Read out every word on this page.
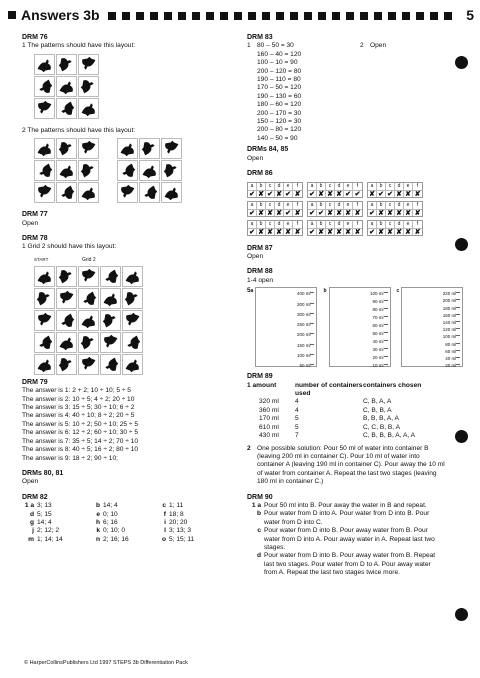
Answers 3b	5
DRM 76
1 The patterns should have this layout:
2 The patterns should have this layout:
DRM 77
Open
DRM 78
1 Grid 2 should have this layout:
START	Grid 2
DRM 79
The answer is 1: 2 + 2; 10 ÷ 10; 5 ÷ 5
The answer is 2: 10 ÷ 5; 4 ÷ 2; 20 ÷ 10
The answer is 3: 15 ÷ 5; 30 ÷ 10; 6 ÷ 2
The answer is 4: 40 ÷ 10; 8 ÷ 2; 20 ÷ 5
The answer is 5: 10 ÷ 2; 50 ÷ 10; 25 ÷ 5
The answer is 6: 12 ÷ 2; 60 ÷ 10; 30 ÷ 5
The answer is 7: 35 ÷ 5; 14 ÷ 2; 70 ÷ 10
The answer is 8: 40 ÷ 5; 16 ÷ 2; 80 ÷ 10
The answer is 9: 18 ÷ 2; 90 ÷ 10;
DRMs 80, 81
Open
DRM 82
1 a 3; 13	b 14; 4	c 1; 11
d 5; 15	e 0; 10	f 18; 8
g 14; 4	h 6; 16	i 20; 20
j 2; 12; 2	k 0; 10; 0	l 3; 13; 3
m 1; 14; 14	n 2; 16; 16	o 5; 15; 11
DRM 83
1 80 – 50 = 30
160 – 40 = 120
100 – 10 = 90
200 – 120 = 80
190 – 110 = 80
170 – 50 = 120
190 – 130 = 60
180 – 60 = 120
200 – 170 = 30
150 – 120 = 30
200 – 80 = 120
140 – 50 = 90
2 Open
DRMs 84, 85
Open
DRM 86
a	b	c	d	e	f
✔ ✘ ✔ ✘ ✔ ✘
a	b	c	d	e	f
✔ ✘ ✘ ✘ ✔ ✔
a	b	c	d	e	f
✘ ✔ ✔ ✘ ✘ ✘
a	b	c	d	e	f
✔ ✘ ✘ ✘ ✔ ✘
a	b	c	d	e	f
✔ ✔ ✘ ✘ ✘ ✘
a	b	c	d	e	f
✔ ✘ ✘ ✘ ✘ ✘
a	b	c	d	e	f
✔ ✘ ✘ ✘ ✘ ✘
a	b	c	d	e	f
✔ ✘ ✘ ✘ ✘ ✘
a	b	c	d	e	f
✔ ✘ ✘ ✘ ✘ ✘
DRM 87
Open
DRM 88
1-4 open
5 a	400 ml
300 ml
300 ml
250 ml
200 ml
150 ml
100 ml
50 ml
b	100 ml
90 ml
80 ml
70 ml
60 ml
50 ml
40 ml
30 ml
20 ml
10 ml
c	220 ml
200 ml
180 ml
160 ml
140 ml
120 ml
100 ml
80 ml
60 ml
40 ml
20 ml
DRM 89
1 amount	number of containers used
containers chosen
320 ml	4	C, B, A, A
360 ml	4	C, B, B, A
170 ml	5	B, B, B, A, A
610 ml	5	C, C, B, B, A
430 ml	7	C, B, B, B, A, A, A
2 One possible solution: Pour 50 ml of water into container B (leaving 200 ml in container C). Pour 10 ml of water into container A (leaving 190 ml in container C). Pour away the 10 ml of water from container A. Repeat the last two stages (leaving 180 ml in container C.)
DRM 90
1 a Pour 50 ml into B. Pour away the water in B and repeat.
b Pour water from D into A. Pour water from D into B. Pour water from D into C.
c Pour water from D into B. Pour away water from B. Pour water from D into A. Pour away water in A. Repeat last two stages.
d Pour water from D into B. Pour away water from B. Repeat last two stages. Pour water from D to A. Pour away water from A. Repeat the last two stages twice more.
© HarperCollinsPublishers Ltd 1997 STEPS 3b Differentiation Pack
